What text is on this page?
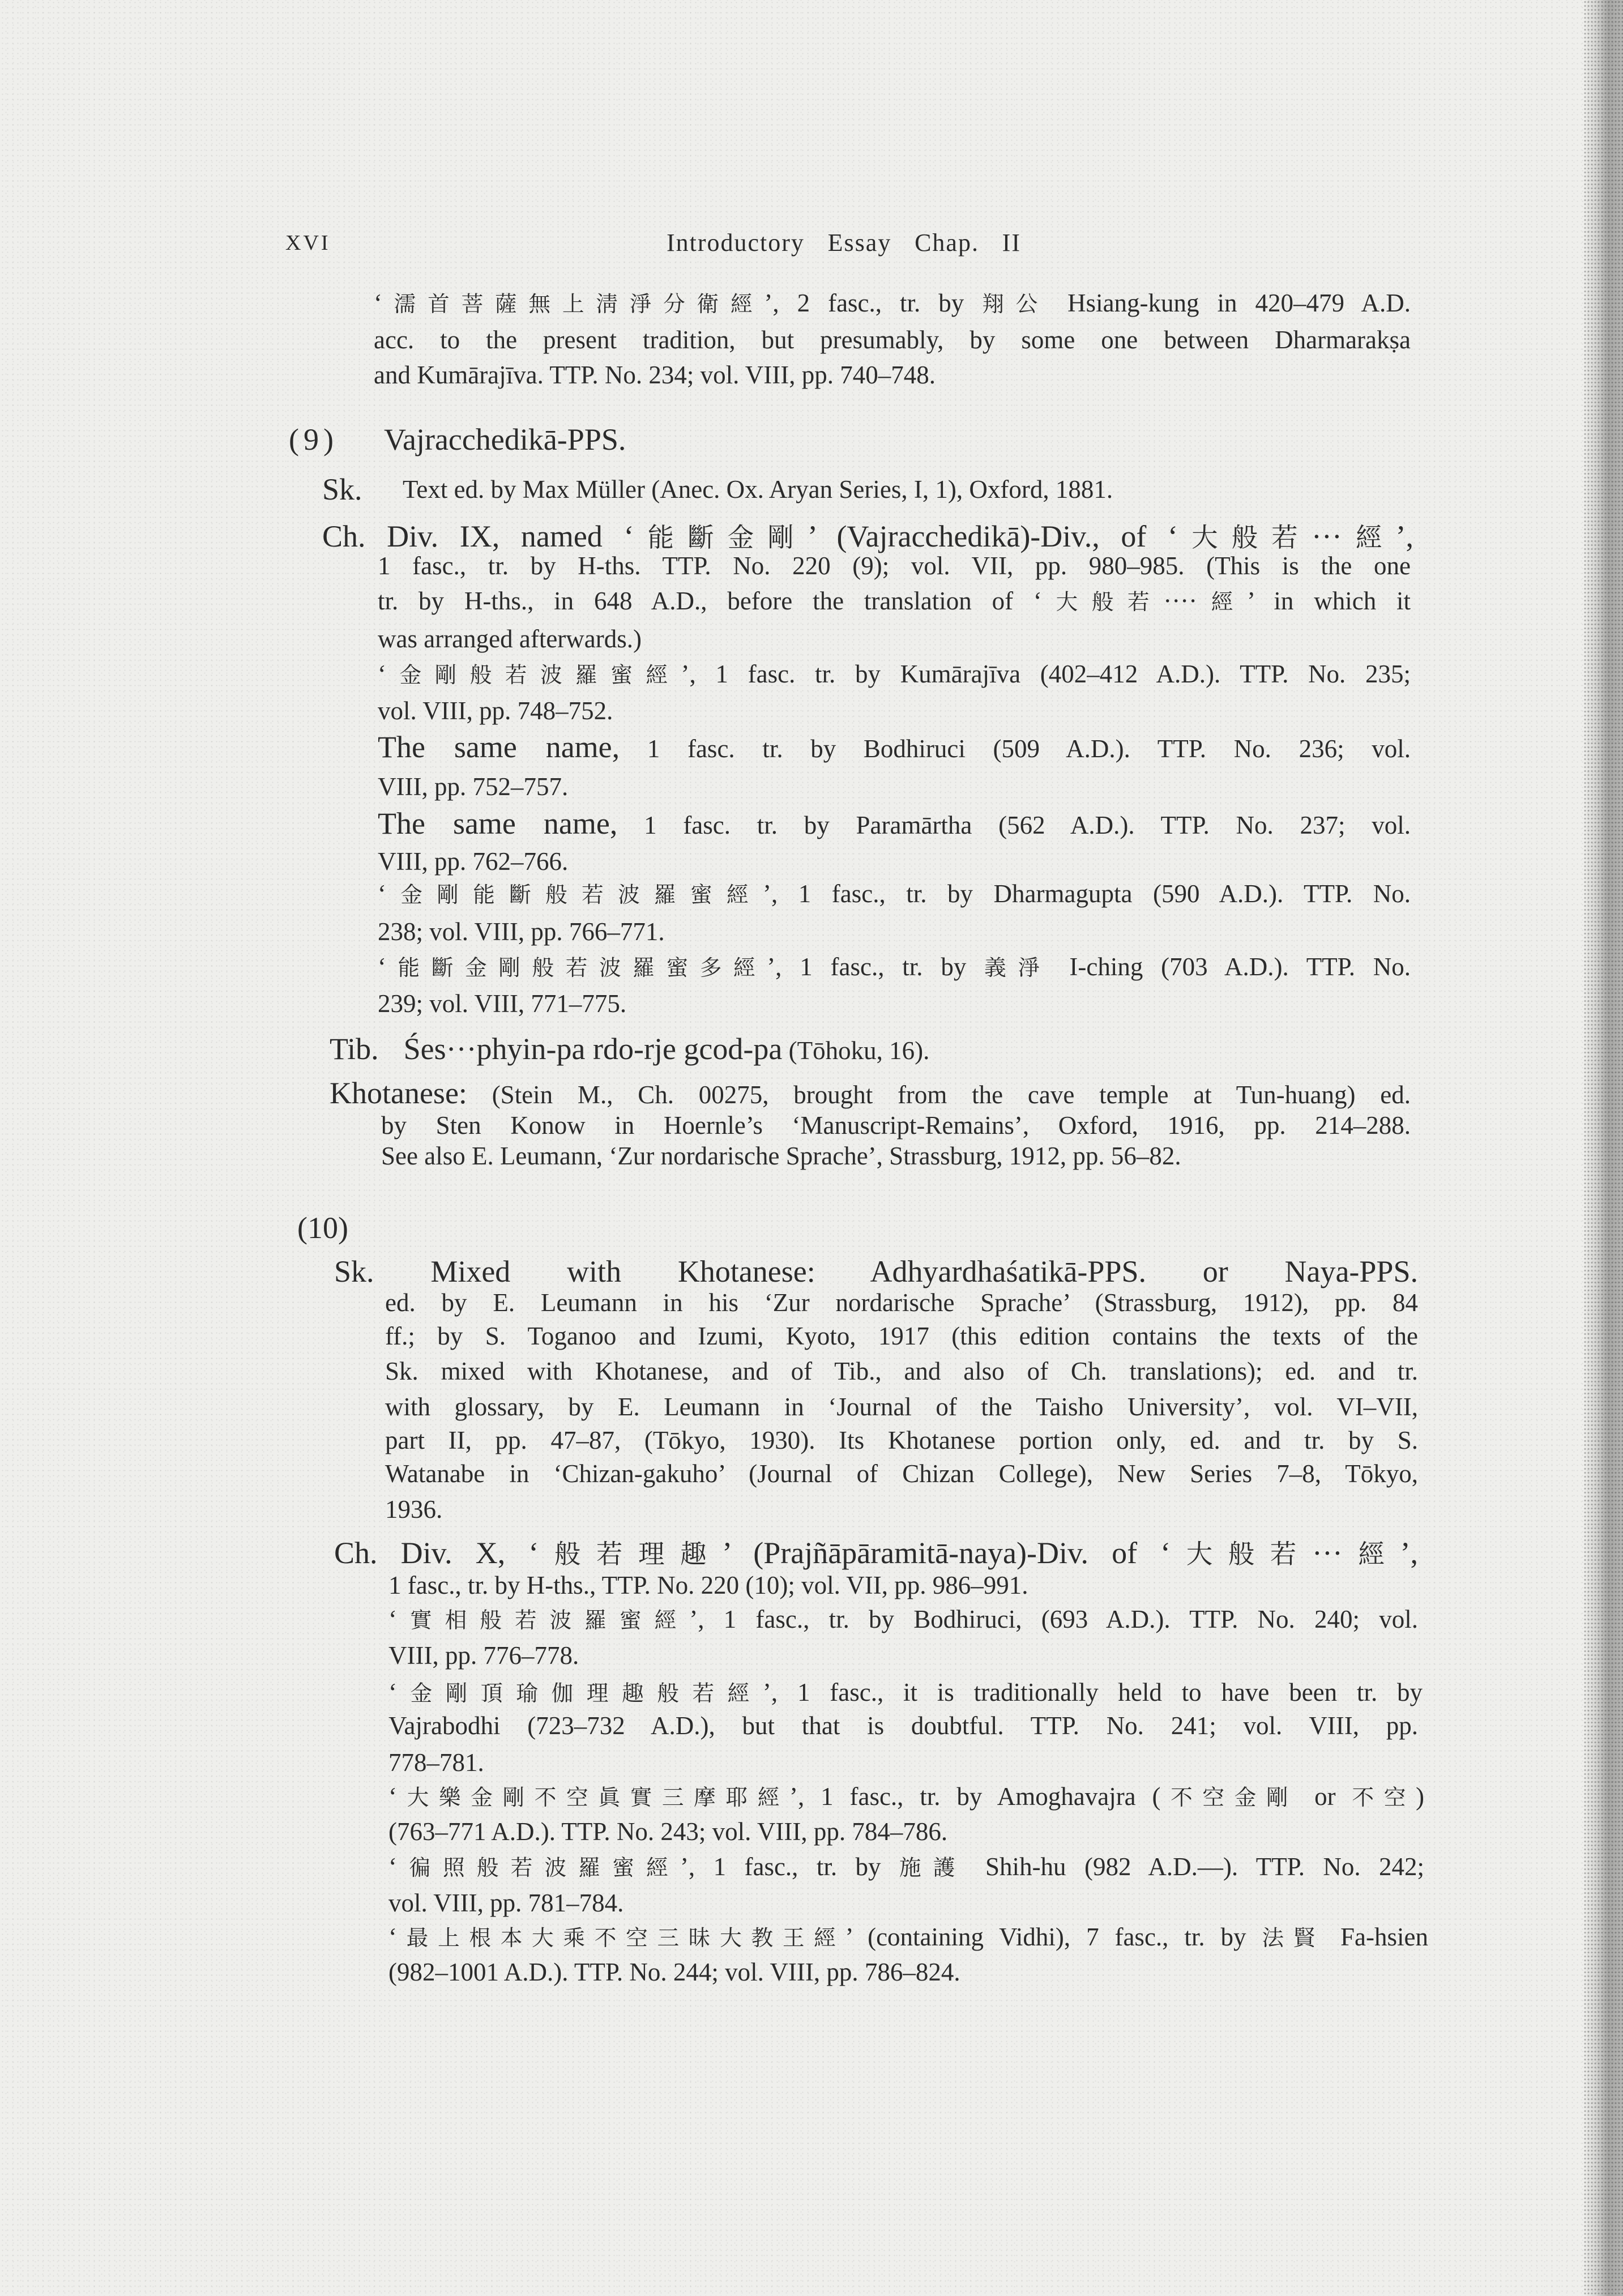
XVI	Introductory Essay Chap. II
‘濡首菩薩無上淸淨分衛經’, 2 fasc., tr. by 翔公 Hsiang-kung in 420–479 A.D.
acc. to the present tradition, but presumably, by some one between Dharmarakṣa
and Kumārajīva. TTP. No. 234; vol. VIII, pp. 740–748.
(9) Vajracchedikā-PPS.
Sk. Text ed. by Max Müller (Anec. Ox. Aryan Series, I, 1), Oxford, 1881.
Ch. Div. IX, named ‘能斷金剛’ (Vajracchedikā)-Div., of ‘大般若···經’,
1 fasc., tr. by H-ths. TTP. No. 220 (9); vol. VII, pp. 980–985. (This is the one
tr. by H-ths., in 648 A.D., before the translation of ‘大般若····經’ in which it
was arranged afterwards.)
‘金剛般若波羅蜜經’, 1 fasc. tr. by Kumārajīva (402–412 A.D.). TTP. No. 235;
vol. VIII, pp. 748–752.
The same name, 1 fasc. tr. by Bodhiruci (509 A.D.). TTP. No. 236; vol.
VIII, pp. 752–757.
The same name, 1 fasc. tr. by Paramārtha (562 A.D.). TTP. No. 237; vol.
VIII, pp. 762–766.
‘金剛能斷般若波羅蜜經’, 1 fasc., tr. by Dharmagupta (590 A.D.). TTP. No.
238; vol. VIII, pp. 766–771.
‘能斷金剛般若波羅蜜多經’, 1 fasc., tr. by 義淨 I-ching (703 A.D.). TTP. No.
239; vol. VIII, 771–775.
Tib. Śes···phyin-pa rdo-rje gcod-pa (Tōhoku, 16).
Khotanese: (Stein M., Ch. 00275, brought from the cave temple at Tun-huang) ed.
by Sten Konow in Hoernle’s ‘Manuscript-Remains’, Oxford, 1916, pp. 214–288.
See also E. Leumann, ‘Zur nordarische Sprache’, Strassburg, 1912, pp. 56–82.
(10)
Sk. Mixed with Khotanese: Adhyardhaśatikā-PPS. or Naya-PPS.
ed. by E. Leumann in his ‘Zur nordarische Sprache’ (Strassburg, 1912), pp. 84
ff.; by S. Toganoo and Izumi, Kyoto, 1917 (this edition contains the texts of the
Sk. mixed with Khotanese, and of Tib., and also of Ch. translations); ed. and tr.
with glossary, by E. Leumann in ‘Journal of the Taisho University’, vol. VI–VII,
part II, pp. 47–87, (Tōkyo, 1930). Its Khotanese portion only, ed. and tr. by S.
Watanabe in ‘Chizan-gakuho’ (Journal of Chizan College), New Series 7–8, Tōkyo,
1936.
Ch. Div. X, ‘般若理趣’ (Prajñāpāramitā-naya)-Div. of ‘大般若···經’,
1 fasc., tr. by H-ths., TTP. No. 220 (10); vol. VII, pp. 986–991.
‘實相般若波羅蜜經’, 1 fasc., tr. by Bodhiruci, (693 A.D.). TTP. No. 240; vol.
VIII, pp. 776–778.
‘金剛頂瑜伽理趣般若經’, 1 fasc., it is traditionally held to have been tr. by
Vajrabodhi (723–732 A.D.), but that is doubtful. TTP. No. 241; vol. VIII, pp.
778–781.
‘大樂金剛不空眞實三摩耶經’, 1 fasc., tr. by Amoghavajra (不空金剛 or 不空)
(763–771 A.D.). TTP. No. 243; vol. VIII, pp. 784–786.
‘徧照般若波羅蜜經’, 1 fasc., tr. by 施護 Shih-hu (982 A.D.—). TTP. No. 242;
vol. VIII, pp. 781–784.
‘最上根本大乘不空三昧大教王經’ (containing Vidhi), 7 fasc., tr. by 法賢 Fa-hsien
(982–1001 A.D.). TTP. No. 244; vol. VIII, pp. 786–824.
